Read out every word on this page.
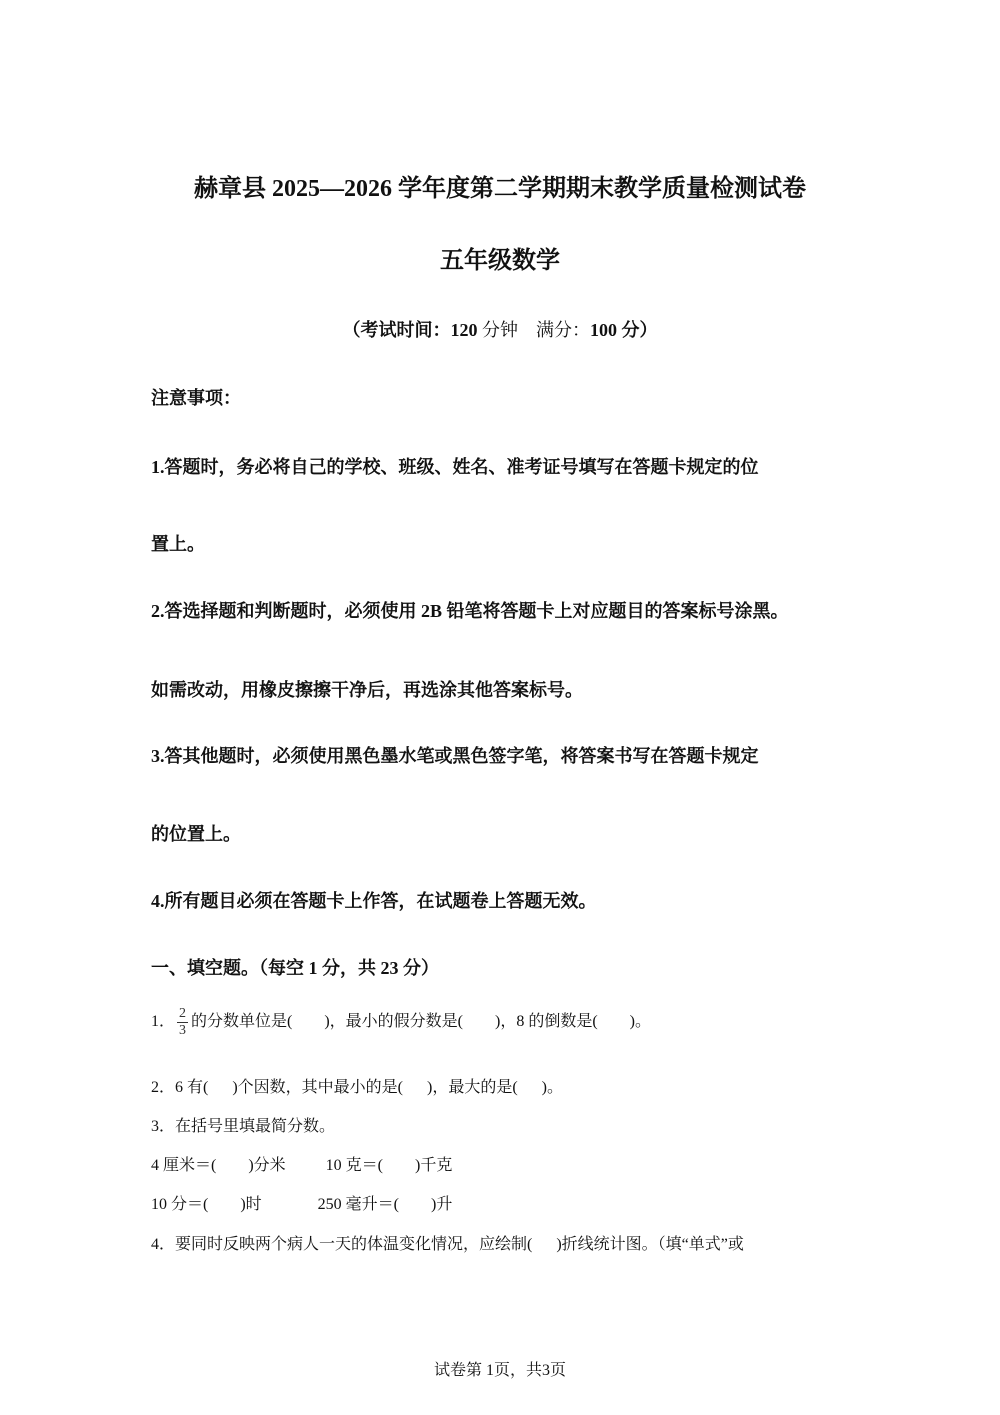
赫章县 2025—2026 学年度第二学期期末教学质量检测试卷
五年级数学
（考试时间：120 分钟    满分：100 分）
注意事项：
1.答题时，务必将自己的学校、班级、姓名、准考证号填写在答题卡规定的位
置上。
2.答选择题和判断题时，必须使用 2B 铅笔将答题卡上对应题目的答案标号涂黑。
如需改动，用橡皮擦擦干净后，再选涂其他答案标号。
3.答其他题时，必须使用黑色墨水笔或黑色签字笔，将答案书写在答题卡规定
的位置上。
4.所有题目必须在答题卡上作答，在试题卷上答题无效。
一、填空题。（每空 1 分，共 23 分）
1． $\frac{2}{3}$ 的分数单位是(        )，最小的假分数是(        )，8 的倒数是(        )。
2．6 有(      )个因数，其中最小的是(      )，最大的是(      )。
3．在括号里填最简分数。
4 厘米＝(        )分米          10 克＝(        )千克
10 分＝(        )时              250 毫升＝(        )升
4．要同时反映两个病人一天的体温变化情况，应绘制(      )折线统计图。（填“单式”或
试卷第 1页，共3页
